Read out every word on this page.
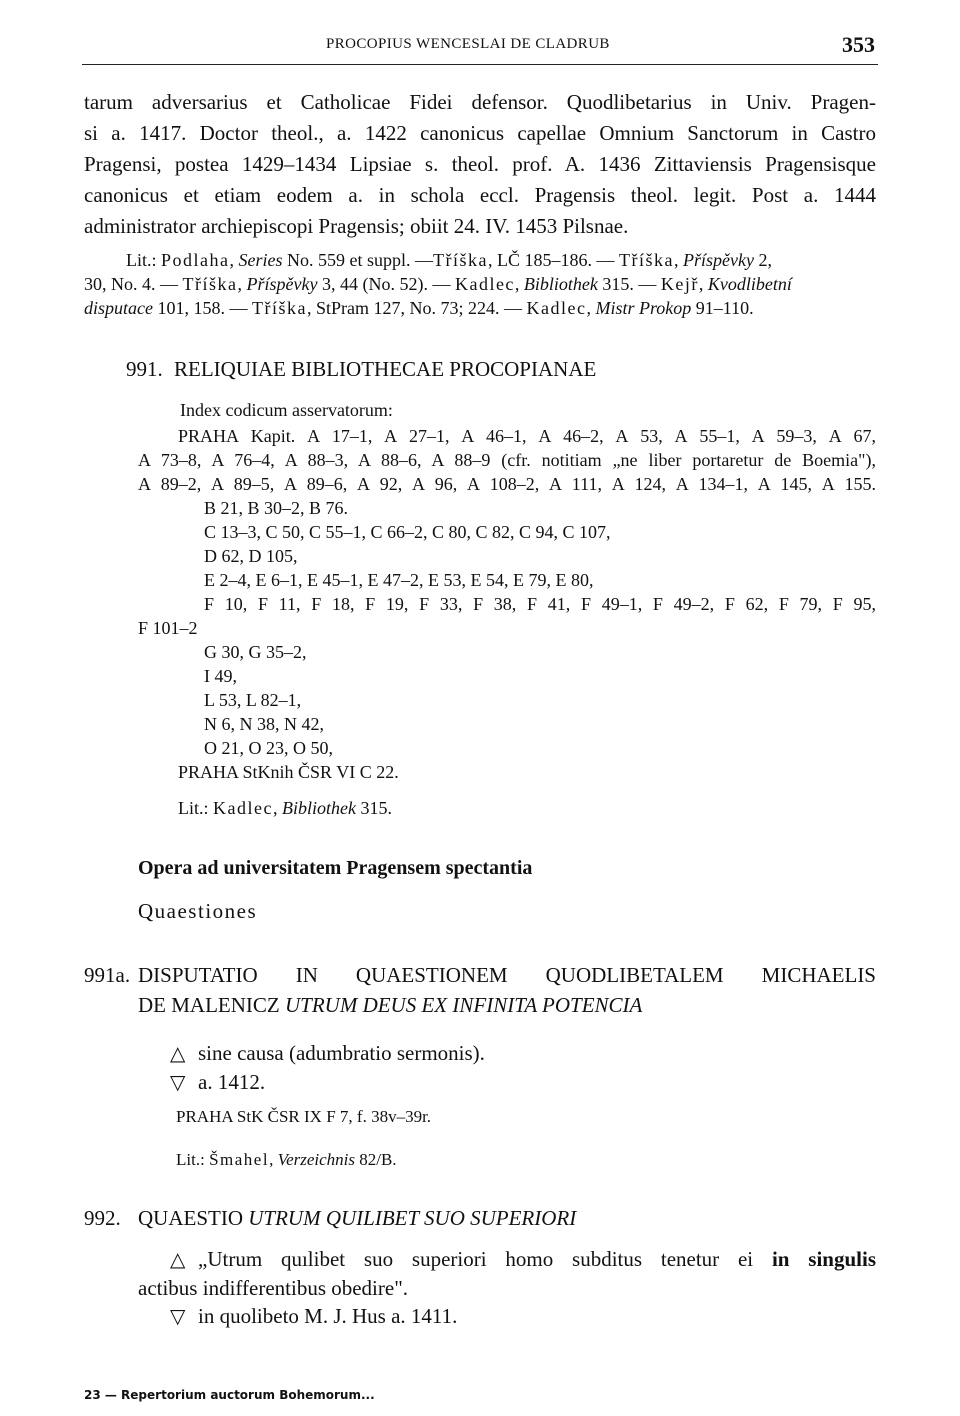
PROCOPIUS WENCESLAI DE CLADRUB	353
tarum adversarius et Catholicae Fidei defensor. Quodlibetarius in Univ. Pragen-
si a. 1417. Doctor theol., a. 1422 canonicus capellae Omnium Sanctorum in Castro
Pragensi, postea 1429–1434 Lipsiae s. theol. prof. A. 1436 Zittaviensis Pragensisque
canonicus et etiam eodem a. in schola eccl. Pragensis theol. legit. Post a. 1444
administrator archiepiscopi Pragensis; obiit 24. IV. 1453 Pilsnae.
Lit.: Podlaha, Series No. 559 et suppl. —Tříška, LČ 185–186. — Tříška, Příspěvky 2,
30, No. 4. — Tříška, Příspěvky 3, 44 (No. 52). — Kadlec, Bibliothek 315. — Kejř, Kvodlibetní
disputace 101, 158. — Tříška, StPram 127, No. 73; 224. — Kadlec, Mistr Prokop 91–110.
991. RELIQUIAE BIBLIOTHECAE PROCOPIANAE
Index codicum asservatorum:
PRAHA Kapit. A 17–1, A 27–1, A 46–1, A 46–2, A 53, A 55–1, A 59–3, A 67,
A 73–8, A 76–4, A 88–3, A 88–6, A 88–9 (cfr. notitiam „ne liber portaretur de Boemia"),
A 89–2, A 89–5, A 89–6, A 92, A 96, A 108–2, A 111, A 124, A 134–1, A 145, A 155.
B 21, B 30–2, B 76.
C 13–3, C 50, C 55–1, C 66–2, C 80, C 82, C 94, C 107,
D 62, D 105,
E 2–4, E 6–1, E 45–1, E 47–2, E 53, E 54, E 79, E 80,
F 10, F 11, F 18, F 19, F 33, F 38, F 41, F 49–1, F 49–2, F 62, F 79, F 95,
F 101–2
G 30, G 35–2,
I 49,
L 53, L 82–1,
N 6, N 38, N 42,
O 21, O 23, O 50,
PRAHA StKnih ČSR VI C 22.
Lit.: Kadlec, Bibliothek 315.
Opera ad universitatem Pragensem spectantia
Quaestiones
991a. DISPUTATIO IN QUAESTIONEM QUODLIBETALEM MICHAELIS
DE MALENICZ UTRUM DEUS EX INFINITA POTENCIA
△ sine causa (adumbratio sermonis).
▽ a. 1412.
PRAHA StK ČSR IX F 7, f. 38v–39r.
Lit.: Šmahel, Verzeichnis 82/B.
992. QUAESTIO UTRUM QUILIBET SUO SUPERIORI
△ „Utrum quılibet suo superiori homo subditus tenetur ei in singulis
actibus indifferentibus obedire".
▽ in quolibeto M. J. Hus a. 1411.
23 — Repertorium auctorum Bohemorum...
